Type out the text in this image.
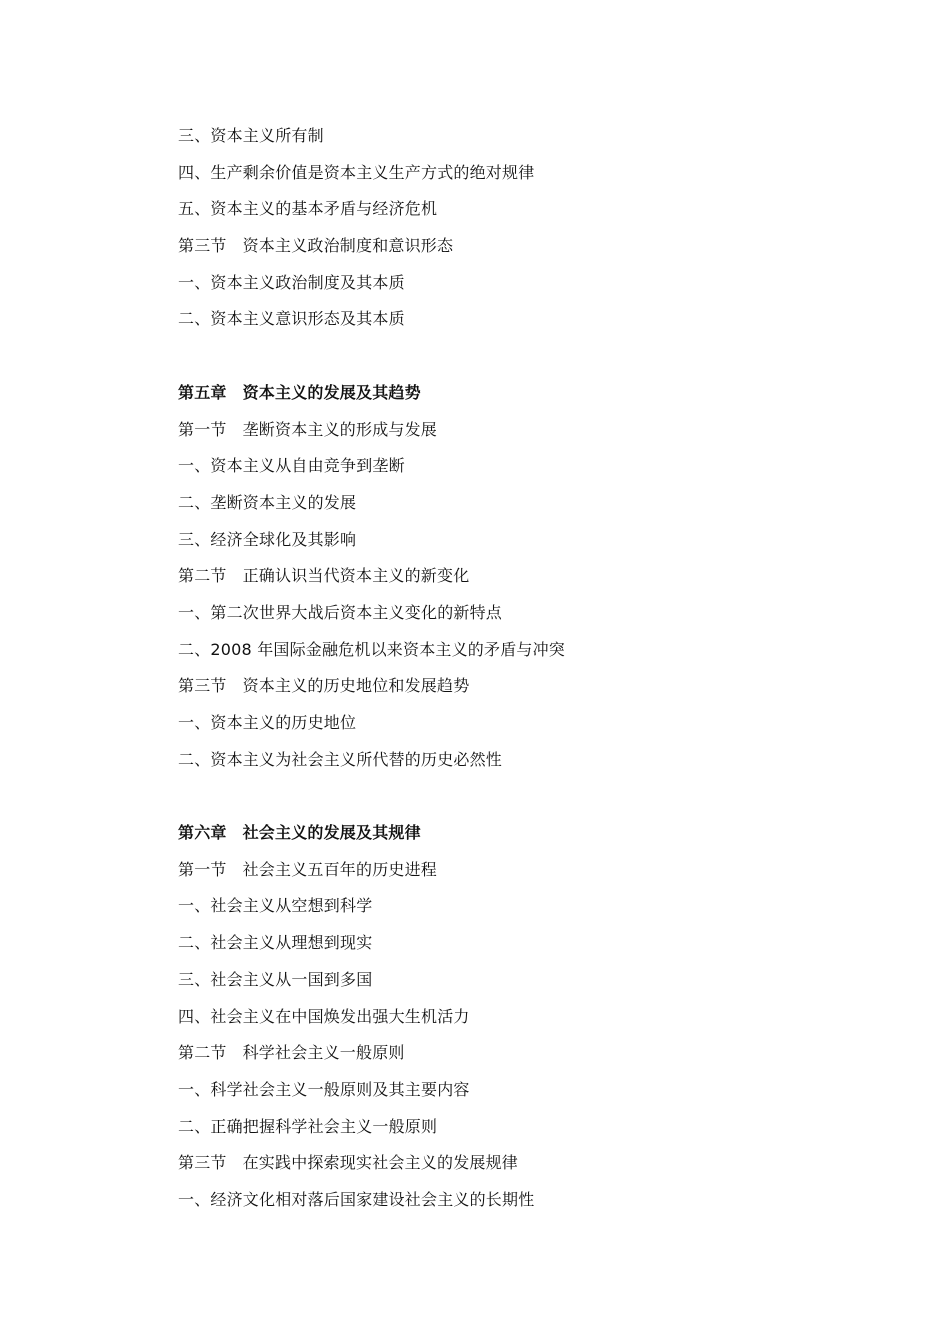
三、资本主义所有制
四、生产剩余价值是资本主义生产方式的绝对规律
五、资本主义的基本矛盾与经济危机
第三节 资本主义政治制度和意识形态
一、资本主义政治制度及其本质
二、资本主义意识形态及其本质
第五章 资本主义的发展及其趋势
第一节 垄断资本主义的形成与发展
一、资本主义从自由竞争到垄断
二、垄断资本主义的发展
三、经济全球化及其影响
第二节 正确认识当代资本主义的新变化
一、第二次世界大战后资本主义变化的新特点
二、2008 年国际金融危机以来资本主义的矛盾与冲突
第三节 资本主义的历史地位和发展趋势
一、资本主义的历史地位
二、资本主义为社会主义所代替的历史必然性
第六章 社会主义的发展及其规律
第一节 社会主义五百年的历史进程
一、社会主义从空想到科学
二、社会主义从理想到现实
三、社会主义从一国到多国
四、社会主义在中国焕发出强大生机活力
第二节 科学社会主义一般原则
一、科学社会主义一般原则及其主要内容
二、正确把握科学社会主义一般原则
第三节 在实践中探索现实社会主义的发展规律
一、经济文化相对落后国家建设社会主义的长期性
